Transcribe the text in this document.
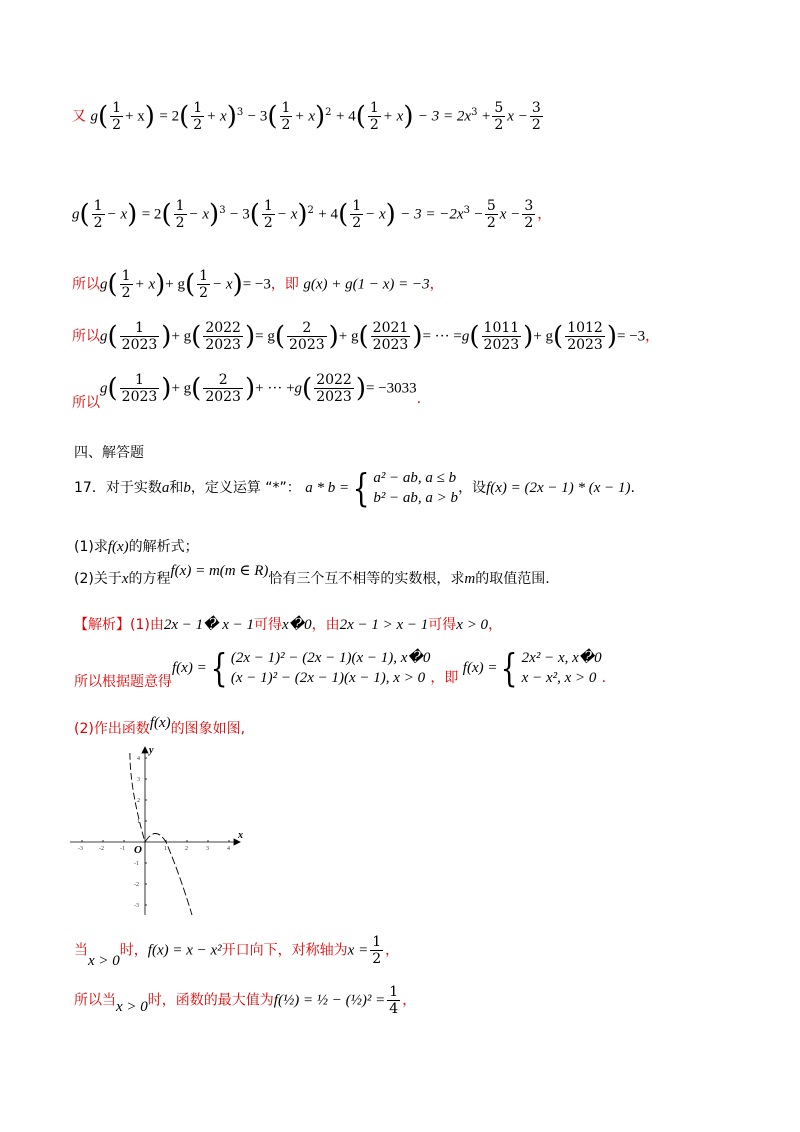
又 $g( \frac{1}{2} + x) = 2( \frac{1}{2} + x)^3 - 3( \frac{1}{2} + x)^2 + 4( \frac{1}{2} + x) - 3 = 2x^3 + \frac{5}{2}$ $x - \frac{3}{2}$
$g( \frac{1}{2} - x) = 2( \frac{1}{2} - x)^3 - 3( \frac{1}{2} - x)^2 + 4( \frac{1}{2} - x) - 3 = -2x^3 - \frac{5}{2}$ $x - \frac{3}{2}$ ，
所以$g( \frac{1}{2} + x)+ g( \frac{1}{2} - x)= -3$，即 g(x) + g(1 − x) = −3，
所以$g( \frac{1}{2023}$ )+ $g( \frac{2022}{2023}$ )= $g( \frac{2}{2023}$ )+ $g( \frac{2021}{2023}$ )= ··· $=g( \frac{1011}{2023}$ )+ $g( \frac{1012}{2023}$ )= −3，
所以$g( \frac{1}{2023}$ )+ $g( \frac{2}{2023}$ )+ ··· $+g( \frac{2022}{2023}$ )= −3033.
四、解答题
17．对于实数a和b，定义运算 “*”： a * b ={ a² − ab, a ≤ b
b² − ab, a > b
，设f(x) = (2x − 1) * (x − 1).
(1)求f(x)的解析式；
(2)关于x的方程f(x) = m(m ∈ R)恰有三个互不相等的实数根，求m的取值范围.
【解析】(1)由2x − 1� x − 1可得x�0，由2x − 1 > x − 1可得x > 0，
所以根据题意得f(x) ={ (2x − 1)² − (2x − 1)(x − 1), x�0
(x − 1)² − (2x − 1)(x − 1), x > 0 ，即 f(x) ={ 2x² − x, x�0
x − x², x > 0 .
(2)作出函数f(x)的图象如图,
x
y
O
-3	-2	-1	1	2	3	4
4
3
2
1
-1
-2
-3
当x > 0时，f(x) = x − x²开口向下，对称轴为$x = \frac{1}{2}$ ，
所以当x > 0时，函数的最大值为f(½) = ½ − (½)² = $\frac{1}{4}$ ，
